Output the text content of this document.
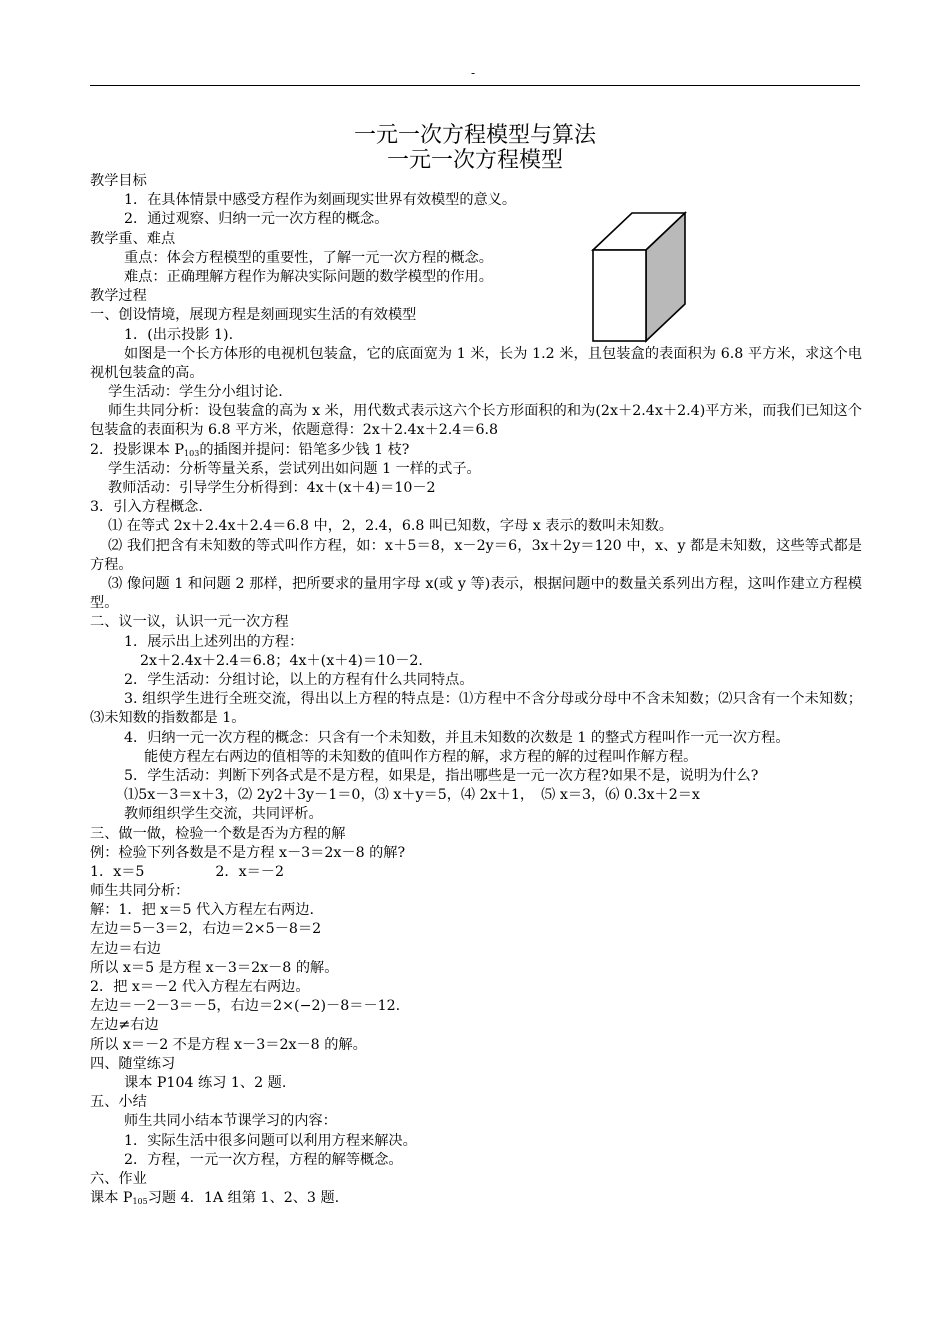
-
一元一次方程模型与算法
一元一次方程模型
教学目标
1．在具体情景中感受方程作为刻画现实世界有效模型的意义。
2．通过观察、归纳一元一次方程的概念。
教学重、难点
重点：体会方程模型的重要性，了解一元一次方程的概念。
难点：正确理解方程作为解决实际问题的数学模型的作用。
教学过程
一、创设情境，展现方程是刻画现实生活的有效模型
1．(出示投影 1).
如图是一个长方体形的电视机包装盒，它的底面宽为 1 米，长为 1.2 米，且包装盒的表面积为 6.8 平方米，求这个电视机包装盒的高。
学生活动：学生分小组讨论.
师生共同分析：设包装盒的高为 x 米，用代数式表示这六个长方形面积的和为(2x＋2.4x＋2.4)平方米，而我们已知这个包装盒的表面积为 6.8 平方米，依题意得：2x＋2.4x＋2.4＝6.8
2．投影课本 $P_{103}$的插图并提问：铅笔多少钱 1 枝?
学生活动：分析等量关系，尝试列出如问题 1 一样的式子。
教师活动：引导学生分析得到：4x＋(x＋4)＝10－2
3．引入方程概念.
⑴ 在等式 2x＋2.4x＋2.4＝6.8 中，2，2.4，6.8 叫已知数，字母 x 表示的数叫未知数。
⑵ 我们把含有未知数的等式叫作方程，如：x＋5＝8，x－2y＝6，3x＋2y＝120 中，x、y 都是未知数，这些等式都是方程。
⑶ 像问题 1 和问题 2 那样，把所要求的量用字母 x(或 y 等)表示，根据问题中的数量关系列出方程，这叫作建立方程模型。
二、议一议，认识一元一次方程
1．展示出上述列出的方程：
2x＋2.4x＋2.4＝6.8；4x＋(x＋4)＝10－2.
2．学生活动：分组讨论，以上的方程有什么共同特点。
3. 组织学生进行全班交流，得出以上方程的特点是：⑴方程中不含分母或分母中不含未知数；⑵只含有一个未知数；⑶未知数的指数都是 1。
4．归纳一元一次方程的概念：只含有一个未知数，并且未知数的次数是 1 的整式方程叫作一元一次方程。
能使方程左右两边的值相等的未知数的值叫作方程的解，求方程的解的过程叫作解方程。
5．学生活动：判断下列各式是不是方程，如果是，指出哪些是一元一次方程?如果不是，说明为什么?
⑴5x－3＝x＋3，⑵ 2y2＋3y－1＝0，⑶ x＋y＝5，⑷ 2x＋1，　⑸ x＝3，⑹ 0.3x＋2＝x
教师组织学生交流，共同评析。
三、做一做，检验一个数是否为方程的解
例：检验下列各数是不是方程 x－3＝2x－8 的解?
1．x＝5　　　　　2．x＝－2
师生共同分析：
解：1．把 x＝5 代入方程左右两边.
左边＝5－3＝2，右边＝2×5－8＝2
左边＝右边
所以 x＝5 是方程 x－3＝2x－8 的解。
2．把 x＝－2 代入方程左右两边。
左边＝－2－3＝－5，右边＝2×(−2)－8＝－12.
左边≠右边
所以 x＝－2 不是方程 x－3＝2x－8 的解。
四、随堂练习
课本 P104 练习 1、2 题.
五、小结
师生共同小结本节课学习的内容：
1．实际生活中很多问题可以利用方程来解决。
2．方程，一元一次方程，方程的解等概念。
六、作业
课本 $P_{105}$习题 4．1A 组第 1、2、3 题.
